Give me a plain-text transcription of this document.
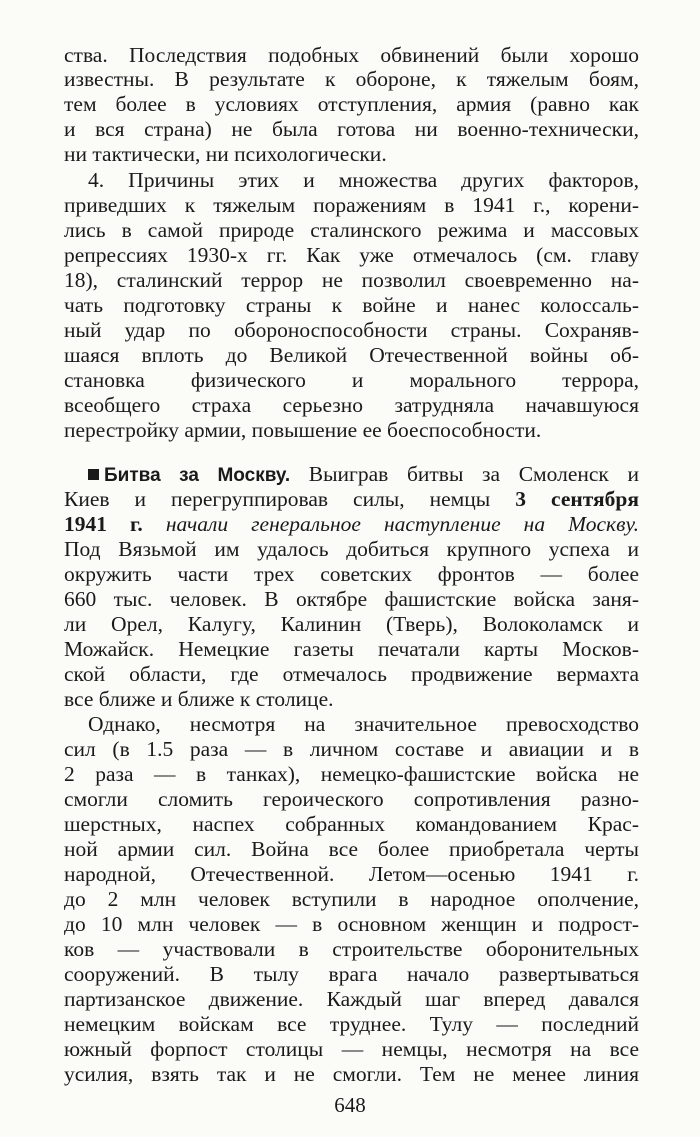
ства. Последствия подобных обвинений были хорошо
известны. В результате к обороне, к тяжелым боям,
тем более в условиях отступления, армия (равно как
и вся страна) не была готова ни военно-технически,
ни тактически, ни психологически.
4. Причины этих и множества других факторов,
приведших к тяжелым поражениям в 1941 г., корени-
лись в самой природе сталинского режима и массовых
репрессиях 1930-х гг. Как уже отмечалось (см. главу
18), сталинский террор не позволил своевременно на-
чать подготовку страны к войне и нанес колоссаль-
ный удар по обороноспособности страны. Сохраняв-
шаяся вплоть до Великой Отечественной войны об-
становка физического и морального террора,
всеобщего страха серьезно затрудняла начавшуюся
перестройку армии, повышение ее боеспособности.
Битва за Москву. Выиграв битвы за Смоленск и
Киев и перегруппировав силы, немцы 3 сентября
1941 г. начали генеральное наступление на Москву.
Под Вязьмой им удалось добиться крупного успеха и
окружить части трех советских фронтов — более
660 тыс. человек. В октябре фашистские войска заня-
ли Орел, Калугу, Калинин (Тверь), Волоколамск и
Можайск. Немецкие газеты печатали карты Москов-
ской области, где отмечалось продвижение вермахта
все ближе и ближе к столице.
Однако, несмотря на значительное превосходство
сил (в 1.5 раза — в личном составе и авиации и в
2 раза — в танках), немецко-фашистские войска не
смогли сломить героического сопротивления разно-
шерстных, наспех собранных командованием Крас-
ной армии сил. Война все более приобретала черты
народной, Отечественной. Летом—осенью 1941 г.
до 2 млн человек вступили в народное ополчение,
до 10 млн человек — в основном женщин и подрост-
ков — участвовали в строительстве оборонительных
сооружений. В тылу врага начало развертываться
партизанское движение. Каждый шаг вперед давался
немецким войскам все труднее. Тулу — последний
южный форпост столицы — немцы, несмотря на все
усилия, взять так и не смогли. Тем не менее линия
648
